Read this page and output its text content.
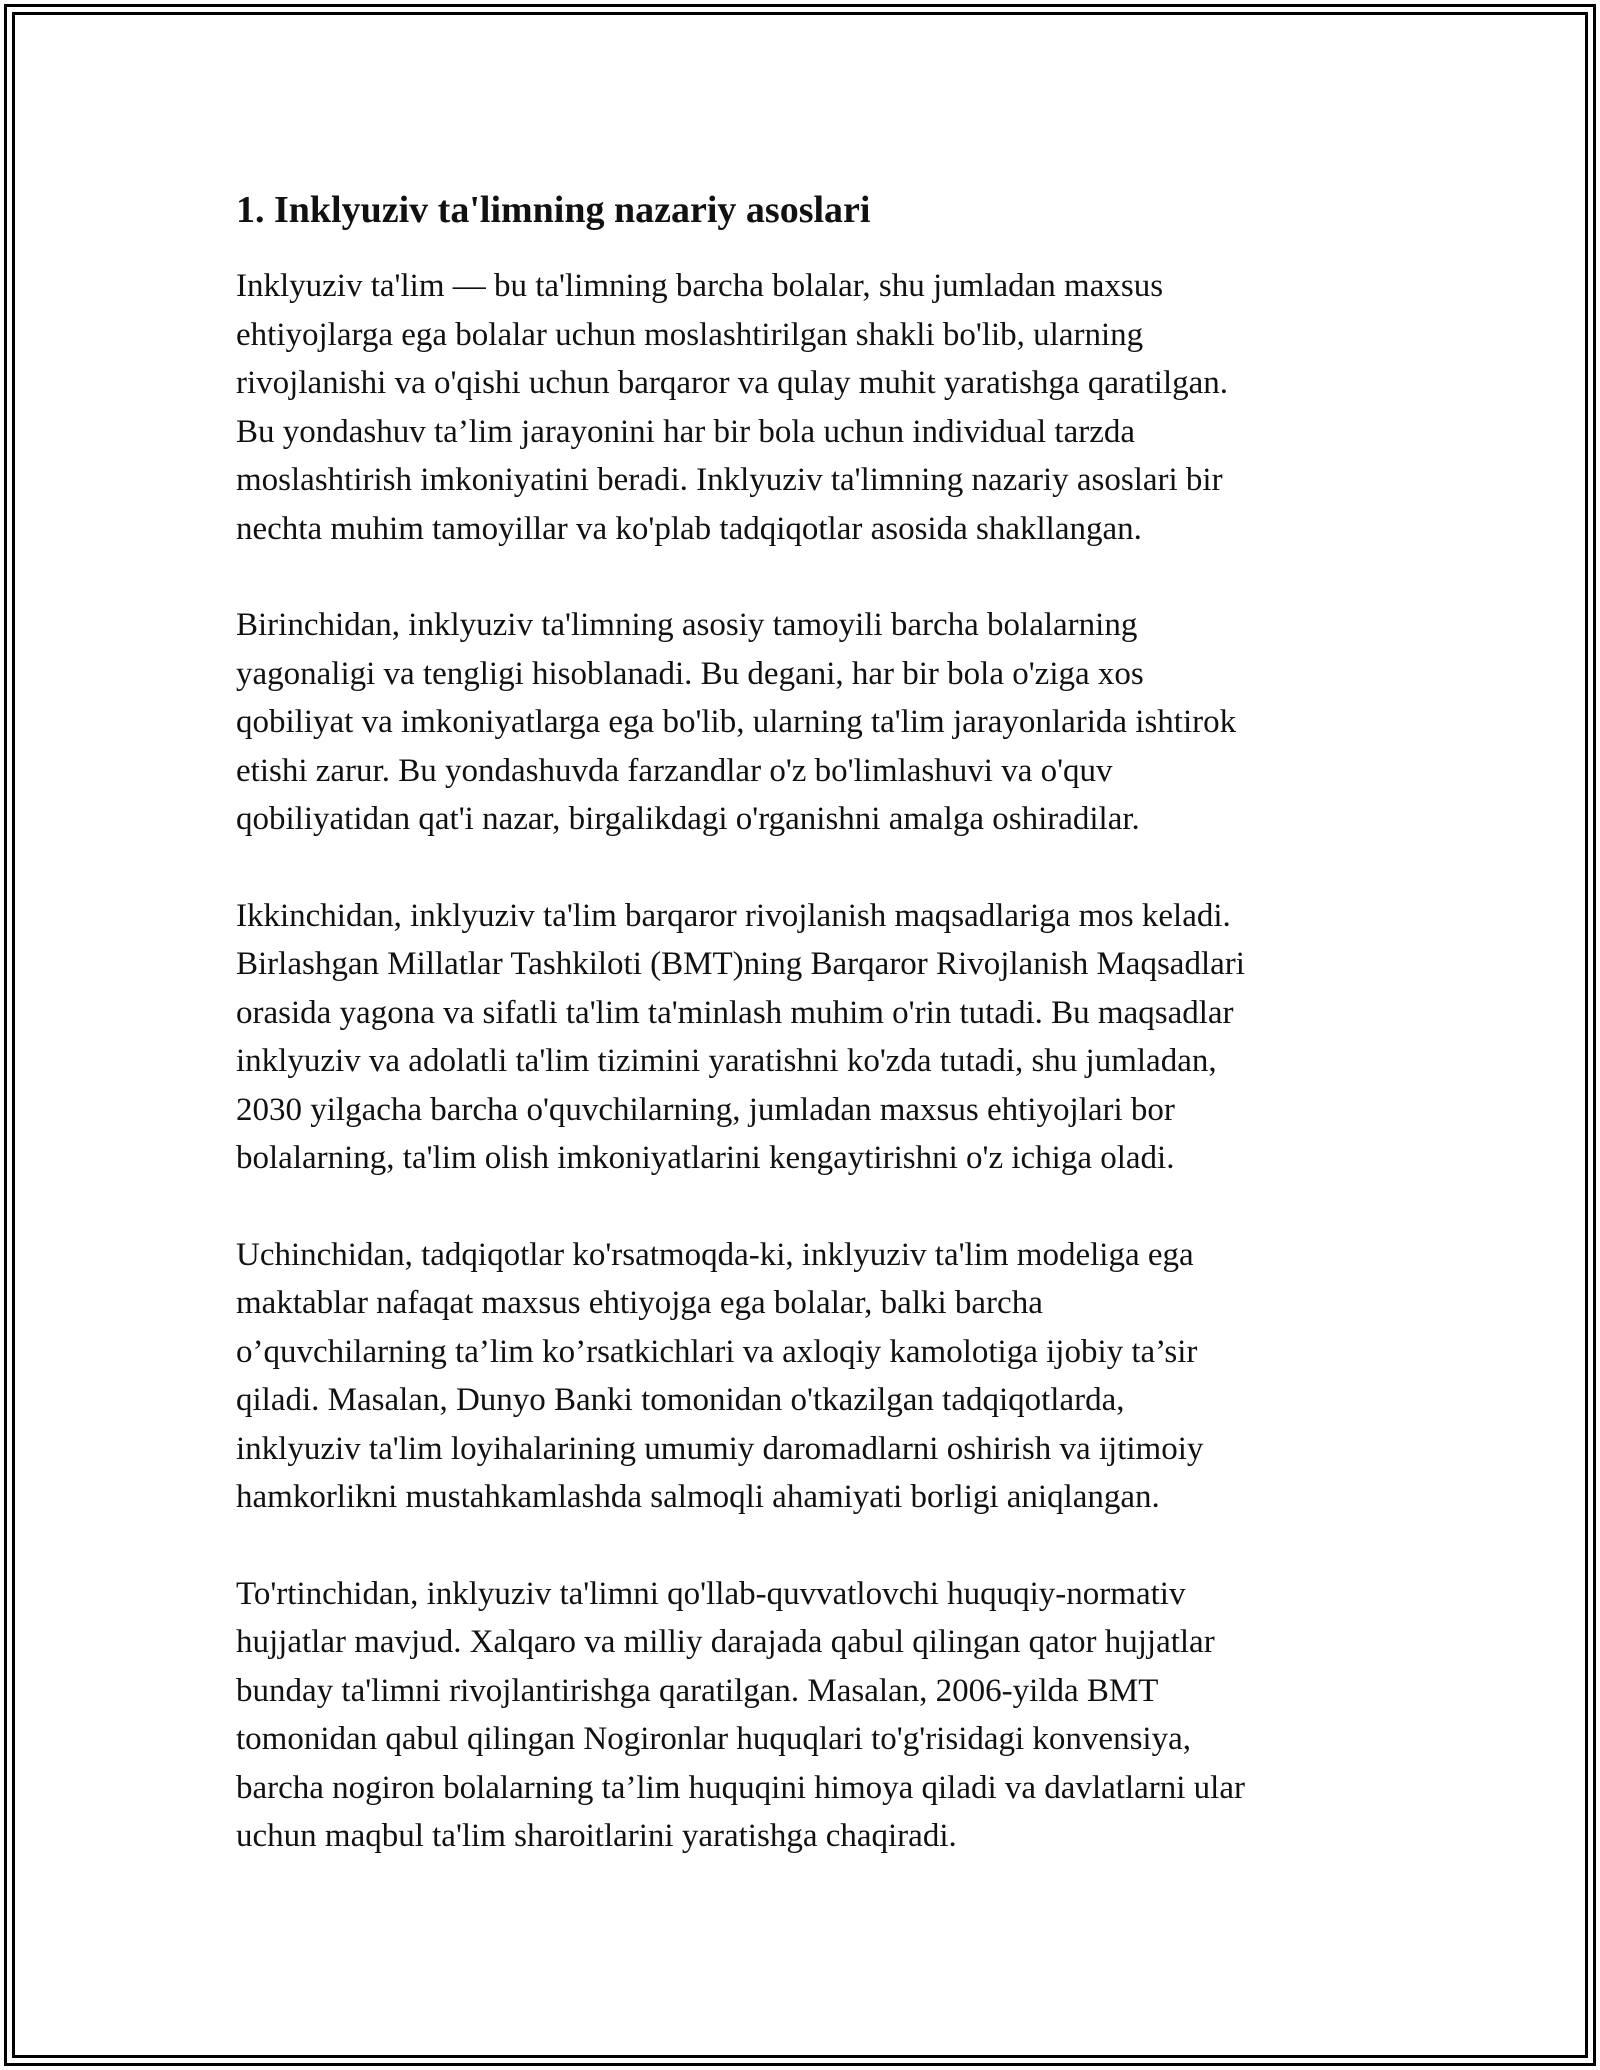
1. Inklyuziv ta'limning nazariy asoslari

Inklyuziv ta'lim — bu ta'limning barcha bolalar, shu jumladan maxsus
ehtiyojlarga ega bolalar uchun moslashtirilgan shakli bo'lib, ularning
rivojlanishi va o'qishi uchun barqaror va qulay muhit yaratishga qaratilgan.
Bu yondashuv ta’lim jarayonini har bir bola uchun individual tarzda
moslashtirish imkoniyatini beradi. Inklyuziv ta'limning nazariy asoslari bir
nechta muhim tamoyillar va ko'plab tadqiqotlar asosida shakllangan.

Birinchidan, inklyuziv ta'limning asosiy tamoyili barcha bolalarning
yagonaligi va tengligi hisoblanadi. Bu degani, har bir bola o'ziga xos
qobiliyat va imkoniyatlarga ega bo'lib, ularning ta'lim jarayonlarida ishtirok
etishi zarur. Bu yondashuvda farzandlar o'z bo'limlashuvi va o'quv
qobiliyatidan qat'i nazar, birgalikdagi o'rganishni amalga oshiradilar.

Ikkinchidan, inklyuziv ta'lim barqaror rivojlanish maqsadlariga mos keladi.
Birlashgan Millatlar Tashkiloti (BMT)ning Barqaror Rivojlanish Maqsadlari
orasida yagona va sifatli ta'lim ta'minlash muhim o'rin tutadi. Bu maqsadlar
inklyuziv va adolatli ta'lim tizimini yaratishni ko'zda tutadi, shu jumladan,
2030 yilgacha barcha o'quvchilarning, jumladan maxsus ehtiyojlari bor
bolalarning, ta'lim olish imkoniyatlarini kengaytirishni o'z ichiga oladi.

Uchinchidan, tadqiqotlar ko'rsatmoqda-ki, inklyuziv ta'lim modeliga ega
maktablar nafaqat maxsus ehtiyojga ega bolalar, balki barcha
o’quvchilarning ta’lim ko’rsatkichlari va axloqiy kamolotiga ijobiy ta’sir
qiladi. Masalan, Dunyo Banki tomonidan o'tkazilgan tadqiqotlarda,
inklyuziv ta'lim loyihalarining umumiy daromadlarni oshirish va ijtimoiy
hamkorlikni mustahkamlashda salmoqli ahamiyati borligi aniqlangan.

To'rtinchidan, inklyuziv ta'limni qo'llab-quvvatlovchi huquqiy-normativ
hujjatlar mavjud. Xalqaro va milliy darajada qabul qilingan qator hujjatlar
bunday ta'limni rivojlantirishga qaratilgan. Masalan, 2006-yilda BMT
tomonidan qabul qilingan Nogironlar huquqlari to'g'risidagi konvensiya,
barcha nogiron bolalarning ta’lim huquqini himoya qiladi va davlatlarni ular
uchun maqbul ta'lim sharoitlarini yaratishga chaqiradi.
